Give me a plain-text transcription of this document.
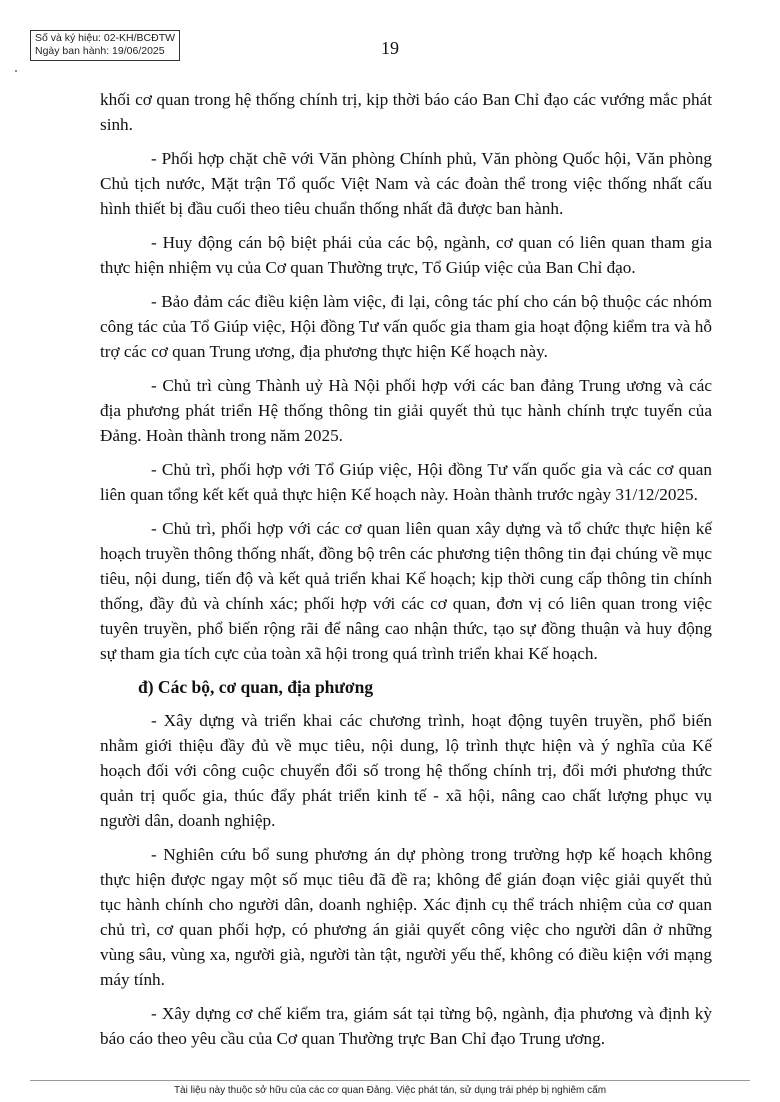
Số và ký hiệu: 02-KH/BCĐTW
Ngày ban hành: 19/06/2025	19

khối cơ quan trong hệ thống chính trị, kịp thời báo cáo Ban Chỉ đạo các vướng mắc phát sinh.

- Phối hợp chặt chẽ với Văn phòng Chính phủ, Văn phòng Quốc hội, Văn phòng Chủ tịch nước, Mặt trận Tổ quốc Việt Nam và các đoàn thể trong việc thống nhất cấu hình thiết bị đầu cuối theo tiêu chuẩn thống nhất đã được ban hành.

- Huy động cán bộ biệt phái của các bộ, ngành, cơ quan có liên quan tham gia thực hiện nhiệm vụ của Cơ quan Thường trực, Tổ Giúp việc của Ban Chỉ đạo.

- Bảo đảm các điều kiện làm việc, đi lại, công tác phí cho cán bộ thuộc các nhóm công tác của Tổ Giúp việc, Hội đồng Tư vấn quốc gia tham gia hoạt động kiểm tra và hỗ trợ các cơ quan Trung ương, địa phương thực hiện Kế hoạch này.

- Chủ trì cùng Thành uỷ Hà Nội phối hợp với các ban đảng Trung ương và các địa phương phát triển Hệ thống thông tin giải quyết thủ tục hành chính trực tuyến của Đảng. Hoàn thành trong năm 2025.

- Chủ trì, phối hợp với Tổ Giúp việc, Hội đồng Tư vấn quốc gia và các cơ quan liên quan tổng kết kết quả thực hiện Kế hoạch này. Hoàn thành trước ngày 31/12/2025.

- Chủ trì, phối hợp với các cơ quan liên quan xây dựng và tổ chức thực hiện kế hoạch truyền thông thống nhất, đồng bộ trên các phương tiện thông tin đại chúng về mục tiêu, nội dung, tiến độ và kết quả triển khai Kế hoạch; kịp thời cung cấp thông tin chính thống, đầy đủ và chính xác; phối hợp với các cơ quan, đơn vị có liên quan trong việc tuyên truyền, phổ biến rộng rãi để nâng cao nhận thức, tạo sự đồng thuận và huy động sự tham gia tích cực của toàn xã hội trong quá trình triển khai Kế hoạch.

đ) Các bộ, cơ quan, địa phương

- Xây dựng và triển khai các chương trình, hoạt động tuyên truyền, phổ biến nhằm giới thiệu đầy đủ về mục tiêu, nội dung, lộ trình thực hiện và ý nghĩa của Kế hoạch đối với công cuộc chuyển đổi số trong hệ thống chính trị, đổi mới phương thức quản trị quốc gia, thúc đẩy phát triển kinh tế - xã hội, nâng cao chất lượng phục vụ người dân, doanh nghiệp.

- Nghiên cứu bổ sung phương án dự phòng trong trường hợp kế hoạch không thực hiện được ngay một số mục tiêu đã đề ra; không để gián đoạn việc giải quyết thủ tục hành chính cho người dân, doanh nghiệp. Xác định cụ thể trách nhiệm của cơ quan chủ trì, cơ quan phối hợp, có phương án giải quyết công việc cho người dân ở những vùng sâu, vùng xa, người già, người tàn tật, người yếu thế, không có điều kiện với mạng máy tính.

- Xây dựng cơ chế kiểm tra, giám sát tại từng bộ, ngành, địa phương và định kỳ báo cáo theo yêu cầu của Cơ quan Thường trực Ban Chỉ đạo Trung ương.

Tài liệu này thuộc sở hữu của các cơ quan Đảng. Việc phát tán, sử dụng trái phép bị nghiêm cấm
